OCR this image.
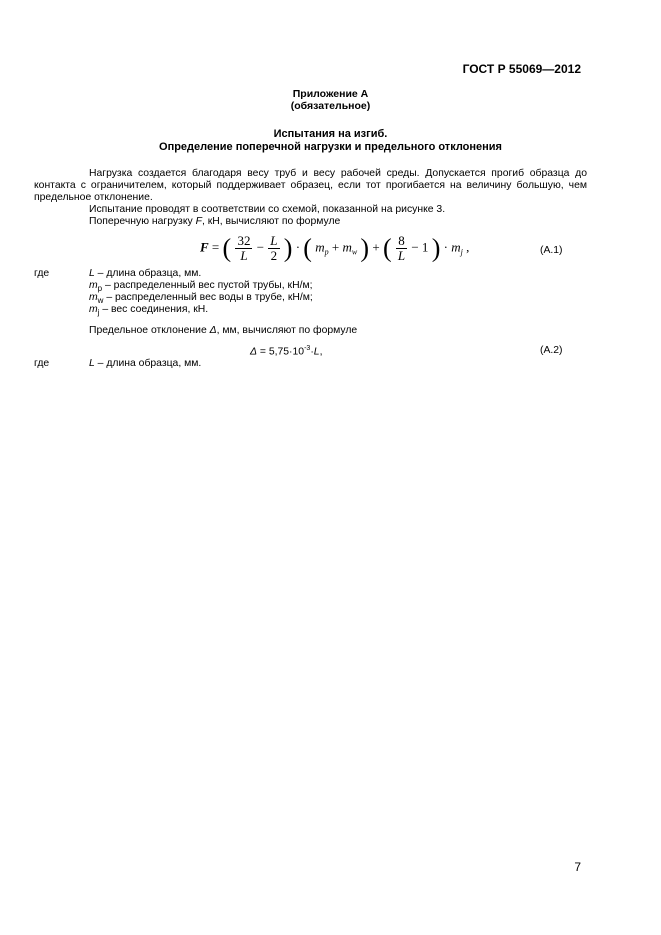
ГОСТ Р 55069—2012
Приложение А
(обязательное)
Испытания на изгиб.
Определение поперечной нагрузки и предельного отклонения
Нагрузка создается благодаря весу труб и весу рабочей среды. Допускается прогиб образца до контакта с ограничителем, который поддерживает образец, если тот прогибается на величину большую, чем предельное отклонение.
Испытание проводят в соответствии со схемой, показанной на рисунке 3.
Поперечную нагрузку F, кН, вычисляют по формуле
F = ( $\frac{32}{L} - \frac{L}{2}$ ) · ( $m_p + m_w$ ) + ( $\frac{8}{L} - 1$ ) · $m_j$ ,	(А.1)
где	L – длина образца, мм.
$m_p$ – распределенный вес пустой трубы, кН/м;
$m_w$ – распределенный вес воды в трубе, кН/м;
$m_j$ – вес соединения, кН.
Предельное отклонение Δ, мм, вычисляют по формуле
$\Delta = 5,75\cdot 10^{-3}\cdot L$,	(А.2)
где	L – длина образца, мм.
7
